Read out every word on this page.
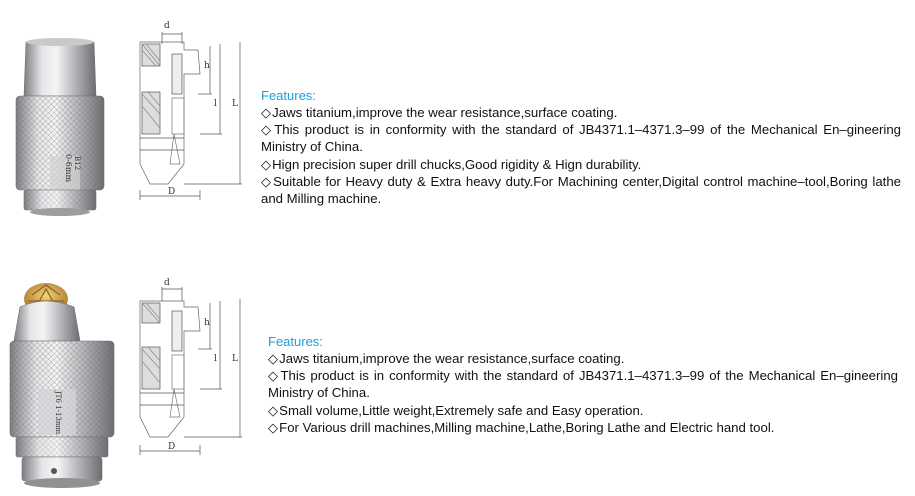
0-6mm B12
d
h
l L
D

Features:

◇Jaws titanium,improve the wear resistance,surface coating.

◇This product is in conformity with the standard of JB4371.1–4371.3–99 of the Mechanical En–gineering Ministry of China.

◇Hign precision super drill chucks,Good rigidity & Hign durability.

◇Suitable for Heavy duty & Extra heavy duty.For Machining center,Digital control machine–tool,Boring lathe and Milling machine.

JT6 1-13mm
d
h
l L
D

Features:

◇Jaws titanium,improve the wear resistance,surface coating.

◇This product is in conformity with the standard of JB4371.1–4371.3–99 of the Mechanical En–gineering Ministry of China.

◇Small volume,Little weight,Extremely safe and Easy operation.

◇For Various drill machines,Milling machine,Lathe,Boring Lathe and Electric hand tool.
